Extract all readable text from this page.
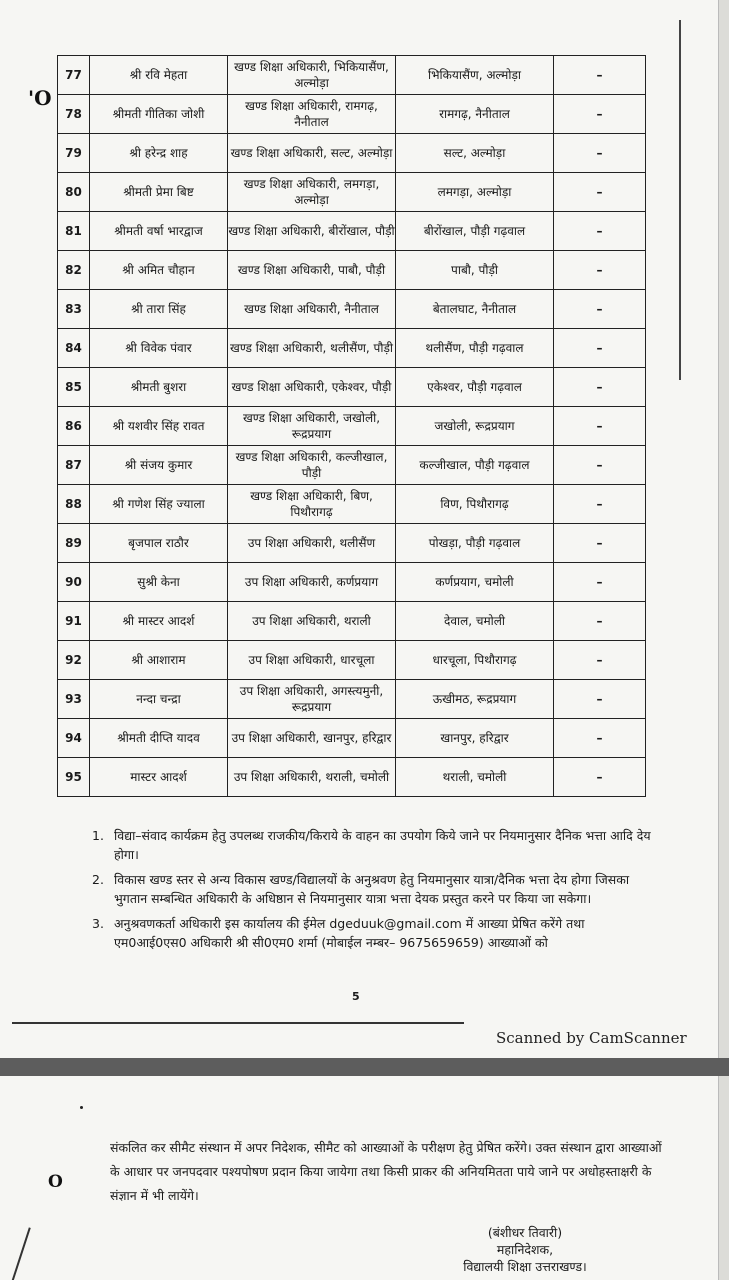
'O
77	श्री रवि मेहता	खण्ड शिक्षा अधिकारी, भिकियासैंण, अल्मोड़ा	भिकियासैंण, अल्मोड़ा	–
78	श्रीमती गीतिका जोशी	खण्ड शिक्षा अधिकारी, रामगढ़, नैनीताल	रामगढ़, नैनीताल	–
79	श्री हरेन्द्र शाह	खण्ड शिक्षा अधिकारी, सल्ट, अल्मोड़ा	सल्ट, अल्मोड़ा	–
80	श्रीमती प्रेमा बिष्ट	खण्ड शिक्षा अधिकारी, लमगड़ा, अल्मोड़ा	लमगड़ा, अल्मोड़ा	–
81	श्रीमती वर्षा भारद्वाज	खण्ड शिक्षा अधिकारी, बीरोंखाल, पौड़ी	बीरोंखाल, पौड़ी गढ़वाल	–
82	श्री अमित चौहान	खण्ड शिक्षा अधिकारी, पाबौ, पौड़ी	पाबौ, पौड़ी	–
83	श्री तारा सिंह	खण्ड शिक्षा अधिकारी, नैनीताल	बेतालघाट, नैनीताल	–
84	श्री विवेक पंवार	खण्ड शिक्षा अधिकारी, थलीसैंण, पौड़ी	थलीसैंण, पौड़ी गढ़वाल	–
85	श्रीमती बुशरा	खण्ड शिक्षा अधिकारी, एकेश्वर, पौड़ी	एकेश्वर, पौड़ी गढ़वाल	–
86	श्री यशवीर सिंह रावत	खण्ड शिक्षा अधिकारी, जखोली, रूद्रप्रयाग	जखोली, रूद्रप्रयाग	–
87	श्री संजय कुमार	खण्ड शिक्षा अधिकारी, कल्जीखाल, पौड़ी	कल्जीखाल, पौड़ी गढ़वाल	–
88	श्री गणेश सिंह ज्याला	खण्ड शिक्षा अधिकारी, बिण, पिथौरागढ़	विण, पिथौरागढ़	–
89	बृजपाल राठौर	उप शिक्षा अधिकारी, थलीसैंण	पोखड़ा, पौड़ी गढ़वाल	–
90	सुश्री केना	उप शिक्षा अधिकारी, कर्णप्रयाग	कर्णप्रयाग, चमोली	–
91	श्री मास्टर आदर्श	उप शिक्षा अधिकारी, थराली	देवाल, चमोली	–
92	श्री आशाराम	उप शिक्षा अधिकारी, धारचूला	धारचूला, पिथौरागढ़	–
93	नन्दा चन्द्रा	उप शिक्षा अधिकारी, अगस्त्यमुनी, रूद्रप्रयाग	ऊखीमठ, रूद्रप्रयाग	–
94	श्रीमती दीप्ति यादव	उप शिक्षा अधिकारी, खानपुर, हरिद्वार	खानपुर, हरिद्वार	–
95	मास्टर आदर्श	उप शिक्षा अधिकारी, थराली, चमोली	थराली, चमोली	–
1. विद्या–संवाद कार्यक्रम हेतु उपलब्ध राजकीय/किराये के वाहन का उपयोग किये जाने पर नियमानुसार दैनिक भत्ता आदि देय होगा।
2. विकास खण्ड स्तर से अन्य विकास खण्ड/विद्यालयों के अनुश्रवण हेतु नियमानुसार यात्रा/दैनिक भत्ता देय होगा जिसका भुगतान सम्बन्धित अधिकारी के अधिष्ठान से नियमानुसार यात्रा भत्ता देयक प्रस्तुत करने पर किया जा सकेगा।
3. अनुश्रवणकर्ता अधिकारी इस कार्यालय की ईमेल dgeduuk@gmail.com में आख्या प्रेषित करेंगे तथा एम0आई0एस0 अधिकारी श्री सी0एम0 शर्मा (मोबाईल नम्बर– 9675659659) आख्याओं को
5
Scanned by CamScanner
O

संकलित कर सीमैट संस्थान में अपर निदेशक, सीमैट को आख्याओं के परीक्षण हेतु प्रेषित करेंगे। उक्त संस्थान द्वारा आख्याओं के आधार पर जनपदवार पश्यपोषण प्रदान किया जायेगा तथा किसी प्राकर की अनियमितता पाये जाने पर अधोहस्ताक्षरी के संज्ञान में भी लायेंगे।

(बंशीधर तिवारी)
महानिदेशक,
विद्यालयी शिक्षा उत्तराखण्ड।
